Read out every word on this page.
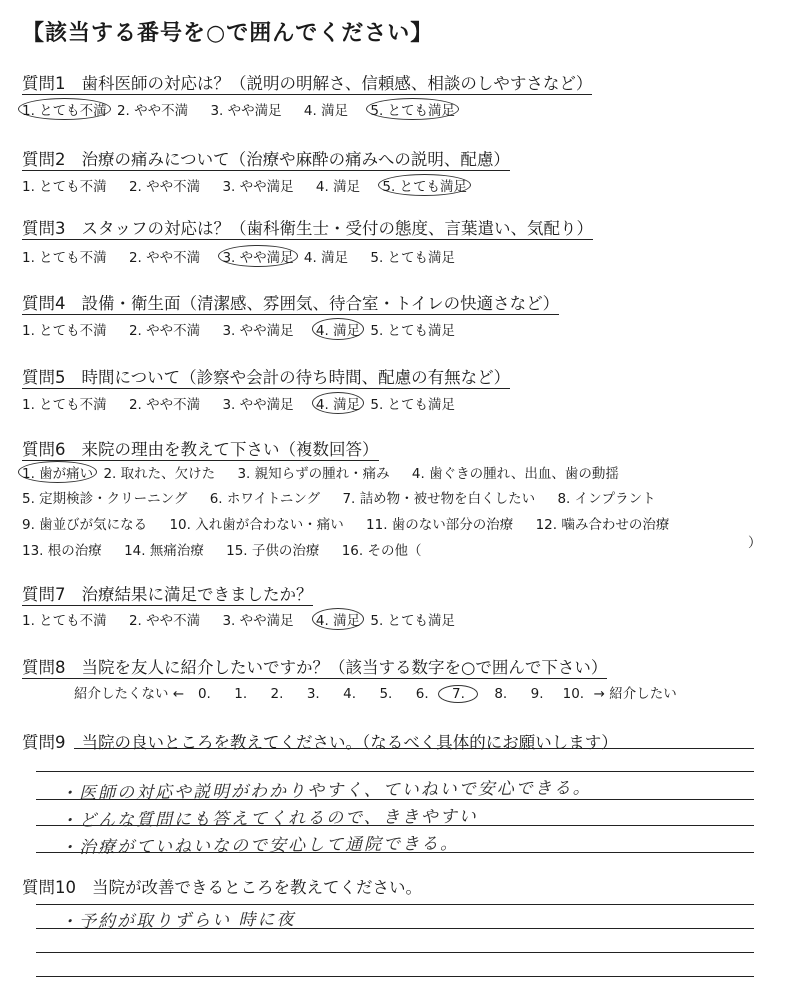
【該当する番号を○で囲んでください】
質問1 歯科医師の対応は？（説明の明解さ、信頼感、相談のしやすさなど）
1. とても不満 2. やや不満 3. やや満足 4. 満足 5. とても満足
質問2 治療の痛みについて（治療や麻酔の痛みへの説明、配慮）
1. とても不満 2. やや不満 3. やや満足 4. 満足 5. とても満足
質問3 スタッフの対応は？（歯科衛生士・受付の態度、言葉遣い、気配り）
1. とても不満 2. やや不満 3. やや満足 4. 満足 5. とても満足
質問4 設備・衛生面（清潔感、雰囲気、待合室・トイレの快適さなど）
1. とても不満 2. やや不満 3. やや満足 4. 満足 5. とても満足
質問5 時間について（診察や会計の待ち時間、配慮の有無など）
1. とても不満 2. やや不満 3. やや満足 4. 満足 5. とても満足
質問6 来院の理由を教えて下さい（複数回答）
1. 歯が痛い 2. 取れた、欠けた 3. 親知らずの腫れ・痛み 4. 歯ぐきの腫れ、出血、歯の動揺
5. 定期検診・クリーニング 6. ホワイトニング 7. 詰め物・被せ物を白くしたい 8. インプラント
9. 歯並びが気になる 10. 入れ歯が合わない・痛い 11. 歯のない部分の治療 12. 噛み合わせの治療
13. 根の治療 14. 無痛治療 15. 子供の治療 16. その他（	）
質問7 治療結果に満足できましたか？
1. とても不満 2. やや不満 3. やや満足 4. 満足 5. とても満足
質問8 当院を友人に紹介したいですか？（該当する数字を○で囲んで下さい）
紹介したくない ← 0. 1. 2. 3. 4. 5. 6. 7. 8. 9. 10. → 紹介したい
質問9 当院の良いところを教えてください。（なるべく具体的にお願いします）
・医師の対応や説明がわかりやすく、ていねいで安心できる。
・どんな質問にも答えてくれるので、ききやすい
・治療がていねいなので安心して通院できる。
質問10 当院が改善できるところを教えてください。
・予約が取りずらい 時に夜
